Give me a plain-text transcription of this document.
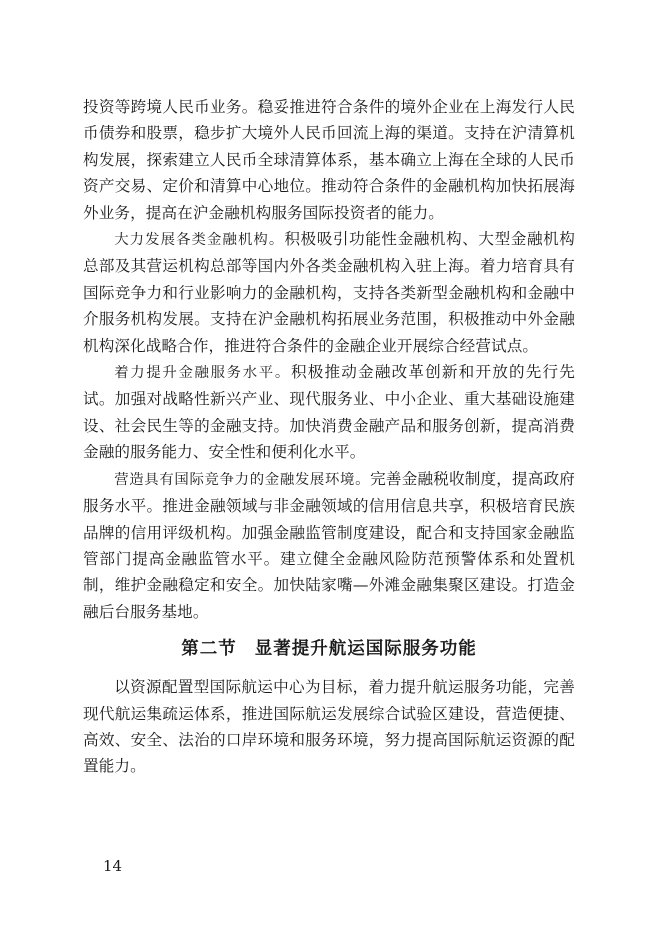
投资等跨境人民币业务。稳妥推进符合条件的境外企业在上海发行人民币债券和股票，稳步扩大境外人民币回流上海的渠道。支持在沪清算机构发展，探索建立人民币全球清算体系，基本确立上海在全球的人民币资产交易、定价和清算中心地位。推动符合条件的金融机构加快拓展海外业务，提高在沪金融机构服务国际投资者的能力。

大力发展各类金融机构。积极吸引功能性金融机构、大型金融机构总部及其营运机构总部等国内外各类金融机构入驻上海。着力培育具有国际竞争力和行业影响力的金融机构，支持各类新型金融机构和金融中介服务机构发展。支持在沪金融机构拓展业务范围，积极推动中外金融机构深化战略合作，推进符合条件的金融企业开展综合经营试点。

着力提升金融服务水平。积极推动金融改革创新和开放的先行先试。加强对战略性新兴产业、现代服务业、中小企业、重大基础设施建设、社会民生等的金融支持。加快消费金融产品和服务创新，提高消费金融的服务能力、安全性和便利化水平。

营造具有国际竞争力的金融发展环境。完善金融税收制度，提高政府服务水平。推进金融领域与非金融领域的信用信息共享，积极培育民族品牌的信用评级机构。加强金融监管制度建设，配合和支持国家金融监管部门提高金融监管水平。建立健全金融风险防范预警体系和处置机制，维护金融稳定和安全。加快陆家嘴—外滩金融集聚区建设。打造金融后台服务基地。

第二节 显著提升航运国际服务功能

以资源配置型国际航运中心为目标，着力提升航运服务功能，完善现代航运集疏运体系，推进国际航运发展综合试验区建设，营造便捷、高效、安全、法治的口岸环境和服务环境，努力提高国际航运资源的配置能力。

14
